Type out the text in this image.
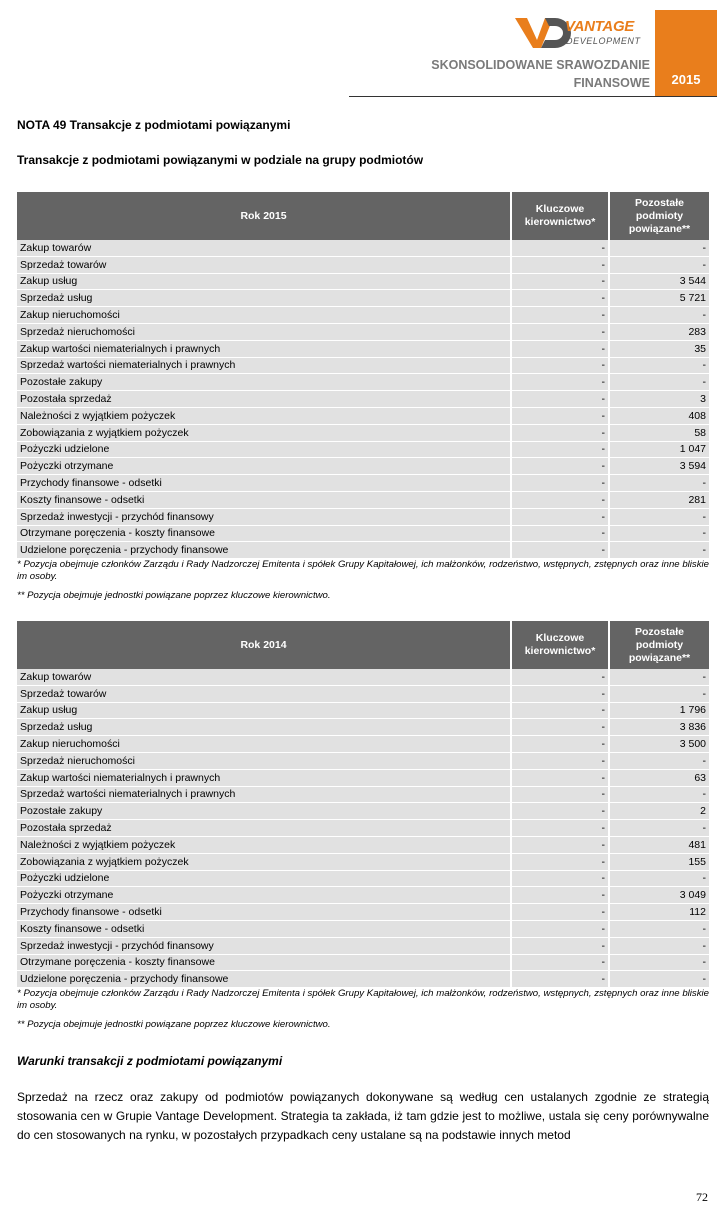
VANTAGE
DEVELOPMENT
2015
SKONSOLIDOWANE SRAWOZDANIE
FINANSOWE
NOTA 49 Transakcje z podmiotami powiązanymi
Transakcje z podmiotami powiązanymi w podziale na grupy podmiotów
Rok 2015	Kluczowe kierownictwo*	Pozostałe podmioty powiązane**
Zakup towarów	-	-
Sprzedaż towarów	-	-
Zakup usług	-	3 544
Sprzedaż usług	-	5 721
Zakup nieruchomości	-	-
Sprzedaż nieruchomości	-	283
Zakup wartości niematerialnych i prawnych	-	35
Sprzedaż wartości niematerialnych i prawnych	-	-
Pozostałe zakupy	-	-
Pozostała sprzedaż	-	3
Należności z wyjątkiem pożyczek	-	408
Zobowiązania z wyjątkiem pożyczek	-	58
Pożyczki udzielone	-	1 047
Pożyczki otrzymane	-	3 594
Przychody finansowe - odsetki	-	-
Koszty finansowe - odsetki	-	281
Sprzedaż inwestycji - przychód finansowy	-	-
Otrzymane poręczenia - koszty finansowe	-	-
Udzielone poręczenia - przychody finansowe	-	-
* Pozycja obejmuje członków Zarządu i Rady Nadzorczej Emitenta i spółek Grupy Kapitałowej, ich małżonków, rodzeństwo, wstępnych, zstępnych oraz inne bliskie im osoby.
** Pozycja obejmuje jednostki powiązane poprzez kluczowe kierownictwo.
Rok 2014	Kluczowe kierownictwo*	Pozostałe podmioty powiązane**
Zakup towarów	-	-
Sprzedaż towarów	-	-
Zakup usług	-	1 796
Sprzedaż usług	-	3 836
Zakup nieruchomości	-	3 500
Sprzedaż nieruchomości	-	-
Zakup wartości niematerialnych i prawnych	-	63
Sprzedaż wartości niematerialnych i prawnych	-	-
Pozostałe zakupy	-	2
Pozostała sprzedaż	-	-
Należności z wyjątkiem pożyczek	-	481
Zobowiązania z wyjątkiem pożyczek	-	155
Pożyczki udzielone	-	-
Pożyczki otrzymane	-	3 049
Przychody finansowe - odsetki	-	112
Koszty finansowe - odsetki	-	-
Sprzedaż inwestycji - przychód finansowy	-	-
Otrzymane poręczenia - koszty finansowe	-	-
Udzielone poręczenia - przychody finansowe	-	-
* Pozycja obejmuje członków Zarządu i Rady Nadzorczej Emitenta i spółek Grupy Kapitałowej, ich małżonków, rodzeństwo, wstępnych, zstępnych oraz inne bliskie im osoby.
** Pozycja obejmuje jednostki powiązane poprzez kluczowe kierownictwo.
Warunki transakcji z podmiotami powiązanymi
Sprzedaż na rzecz oraz zakupy od podmiotów powiązanych dokonywane są według cen ustalanych zgodnie ze strategią stosowania cen w Grupie Vantage Development. Strategia ta zakłada, iż tam gdzie jest to możliwe, ustala się ceny porównywalne do cen stosowanych na rynku, w pozostałych przypadkach ceny ustalane są na podstawie innych metod
72
